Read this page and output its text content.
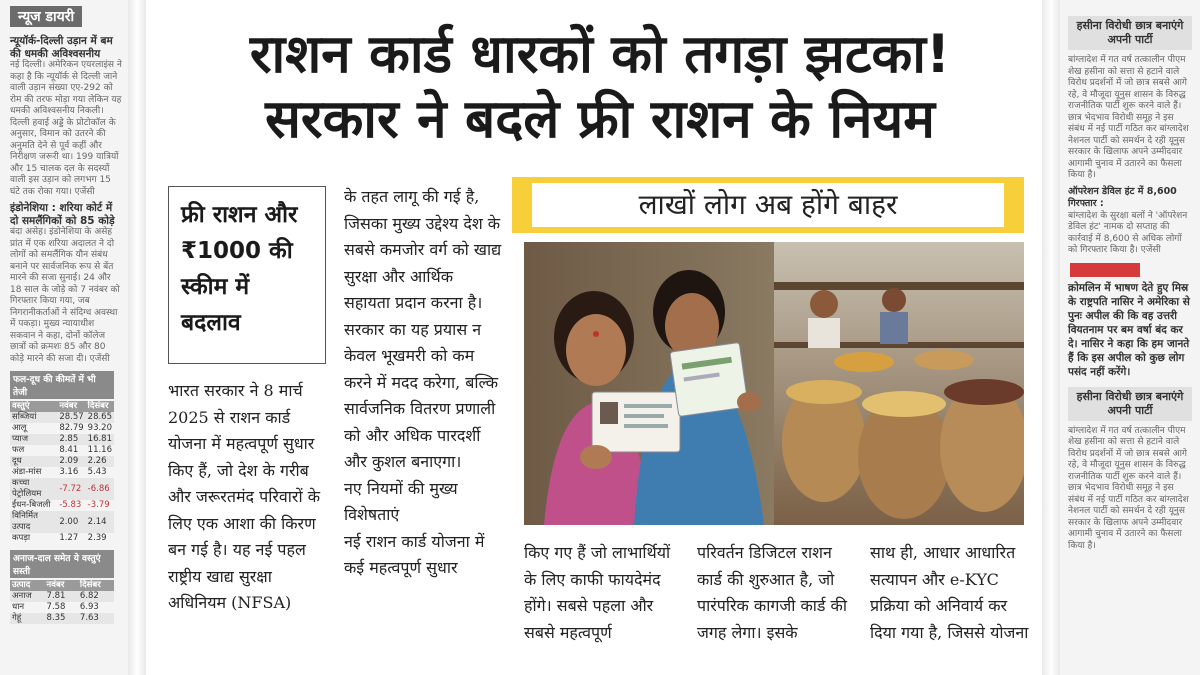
न्यूज डायरी
न्यूयॉर्क-दिल्ली उड़ान में बम की धमकी अविश्वसनीय
नई दिल्ली। अमेरिकन एयरलाइंस ने कहा है कि न्यूयॉर्क से दिल्ली जाने वाली उड़ान संख्या एए-292 को रोम की तरफ मोड़ा गया लेकिन यह धमकी अविश्वसनीय निकली। दिल्ली हवाई अड्डे के प्रोटोकॉल के अनुसार, विमान को उतरने की अनुमति देने से पूर्व कहीं और निरीक्षण जरूरी था। 199 यात्रियों और 15 चालक दल के सदस्यों वाली इस उड़ान को लगभग 15 घंटे तक रोका गया। एजेंसी
इंडोनेशिया : शरिया कोर्ट में दो समलैंगिकों को 85 कोड़े
बंदा असेह। इंडोनेशिया के असेह प्रांत में एक शरिया अदालत ने दो लोगों को समलैंगिक यौन संबंध बनाने पर सार्वजनिक रूप से बेंत मारने की सजा सुनाई। 24 और 18 साल के जोड़े को 7 नवंबर को गिरफ्तार किया गया, जब निगरानीकर्ताओं ने संदिग्ध अवस्था में पकड़ा। मुख्य न्यायाधीश सकवान ने कहा, दोनों कॉलेज छात्रों को क्रमशः 85 और 80 कोड़े मारने की सजा दी। एजेंसी
फल-दूध की कीमतें में भी तेजी
वस्तुएं	नवंबर	दिसंबर
सब्जियां	28.57	28.65
आलू	82.79	93.20
प्याज	2.85	16.81
फल	8.41	11.16
दूध	2.09	2.26
अंडा-मांस	3.16	5.43
कच्चा पेट्रोलियम	-7.72	-6.86
ईंधन-बिजली	-5.83	-3.79
विनिर्मित उत्पाद	2.00	2.14
कपड़ा	1.27	2.39
अनाज-दाल समेत ये वस्तुएं सस्ती
उत्पाद	नवंबर	दिसंबर
अनाज	7.81	6.82
धान	7.58	6.93
गेहूं	8.35	7.63
हसीना विरोधी छात्र बनाएंगे अपनी पार्टी
बांग्लादेश में गत वर्ष तत्कालीन पीएम शेख हसीना को सत्ता से हटाने वाले विरोध प्रदर्शनों में जो छात्र सबसे आगे रहे, वे मौजूदा यूनुस शासन के विरुद्ध राजनीतिक पार्टी शुरू करने वाले हैं। छात्र भेदभाव विरोधी समूह ने इस संबंध में नई पार्टी गठित कर बांग्लादेश नेशनल पार्टी को समर्थन दे रही यूनुस सरकार के खिलाफ अपने उम्मीदवार आगामी चुनाव में उतारने का फैसला किया है।
ऑपरेशन डेविल हंट में 8,600 गिरफ्तार :
बांग्लादेश के सुरक्षा बलों ने 'ऑपरेशन डेविल हंट' नामक दो सप्ताह की कार्रवाई में 8,600 से अधिक लोगों को गिरफ्तार किया है। एजेंसी
क्रोमलिन में भाषण देते हुए मिस्र के राष्ट्रपति नासिर ने अमेरिका से पुनः अपील की कि वह उत्तरी वियतनाम पर बम वर्षा बंद कर दे। नासिर ने कहा कि हम जानते हैं कि इस अपील को कुछ लोग पसंद नहीं करेंगे।
हसीना विरोधी छात्र बनाएंगे अपनी पार्टी
बांग्लादेश में गत वर्ष तत्कालीन पीएम शेख हसीना को सत्ता से हटाने वाले विरोध प्रदर्शनों में जो छात्र सबसे आगे रहे, वे मौजूदा यूनुस शासन के विरुद्ध राजनीतिक पार्टी शुरू करने वाले हैं। छात्र भेदभाव विरोधी समूह ने इस संबंध में नई पार्टी गठित कर बांग्लादेश नेशनल पार्टी को समर्थन दे रही यूनुस सरकार के खिलाफ अपने उम्मीदवार आगामी चुनाव में उतारने का फैसला किया है।
राशन कार्ड धारकों को तगड़ा झटका!
सरकार ने बदले फ्री राशन के नियम
फ्री राशन और ₹1000 की स्कीम में बदलाव
भारत सरकार ने 8 मार्च 2025 से राशन कार्ड योजना में महत्वपूर्ण सुधार किए हैं, जो देश के गरीब और जरूरतमंद परिवारों के लिए एक आशा की किरण बन गई है। यह नई पहल राष्ट्रीय खाद्य सुरक्षा अधिनियम (NFSA)
के तहत लागू की गई है, जिसका मुख्य उद्देश्य देश के सबसे कमजोर वर्ग को खाद्य सुरक्षा और आर्थिक सहायता प्रदान करना है। सरकार का यह प्रयास न केवल भूखमरी को कम करने में मदद करेगा, बल्कि सार्वजनिक वितरण प्रणाली को और अधिक पारदर्शी और कुशल बनाएगा।
नए नियमों की मुख्य विशेषताएं
नई राशन कार्ड योजना में कई महत्वपूर्ण सुधार
लाखों लोग अब होंगे बाहर
किए गए हैं जो लाभार्थियों के लिए काफी फायदेमंद होंगे। सबसे पहला और सबसे महत्वपूर्ण
परिवर्तन डिजिटल राशन कार्ड की शुरुआत है, जो पारंपरिक कागजी कार्ड की जगह लेगा। इसके
साथ ही, आधार आधारित सत्यापन और e-KYC प्रक्रिया को अनिवार्य कर दिया गया है, जिससे योजना
